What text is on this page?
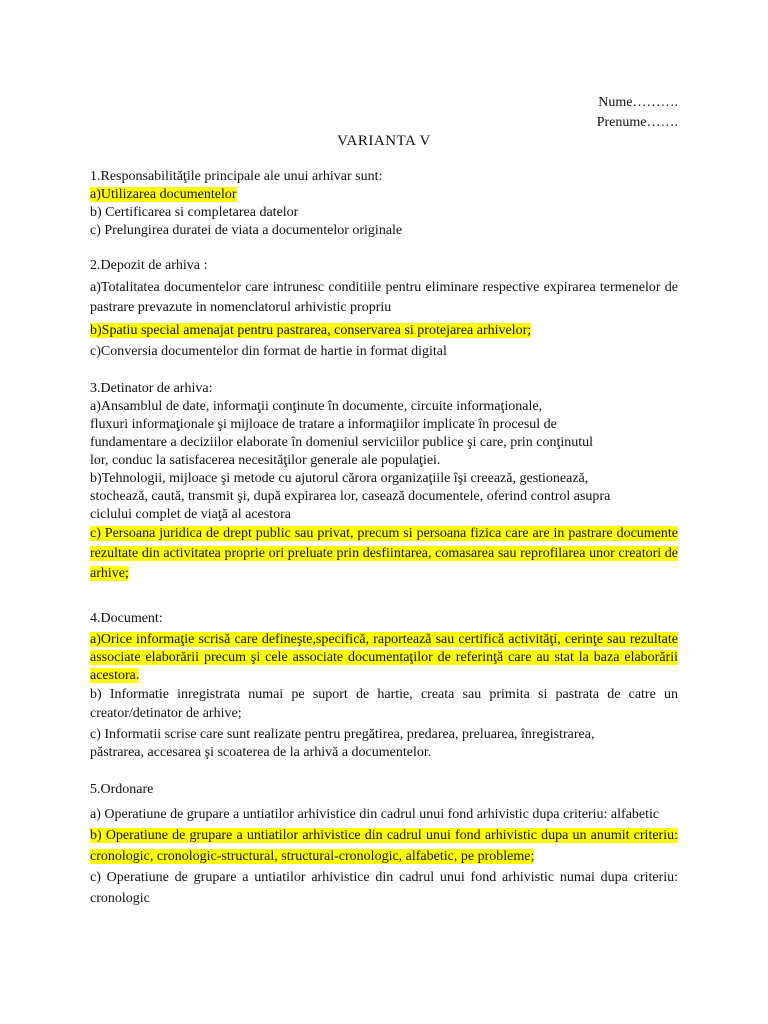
Nume……….
Prenume…….
VARIANTA V
1.Responsabilităţile principale ale unui arhivar sunt:
a)Utilizarea documentelor
b) Certificarea si completarea datelor
c) Prelungirea duratei de viata a documentelor originale
2.Depozit de arhiva :
a)Totalitatea documentelor care intrunesc conditiile pentru eliminare respective expirarea termenelor de pastrare prevazute in nomenclatorul arhivistic propriu
b)Spatiu special amenajat pentru pastrarea, conservarea si protejarea arhivelor;
c)Conversia documentelor din format de hartie in format digital
3.Detinator de arhiva:
a)Ansamblul de date, informaţii conţinute în documente, circuite informaţionale,
fluxuri informaţionale şi mijloace de tratare a informaţiilor implicate în procesul de
fundamentare a deciziilor elaborate în domeniul serviciilor publice şi care, prin conţinutul
lor, conduc la satisfacerea necesităţilor generale ale populaţiei.
b)Tehnologii, mijloace şi metode cu ajutorul cărora organizaţiile îşi creează, gestionează,
stochează, caută, transmit şi, după expirarea lor, casează documentele, oferind control asupra
ciclului complet de viaţă al acestora
c) Persoana juridica de drept public sau privat, precum si persoana fizica care are in pastrare documente rezultate din activitatea proprie ori preluate prin desfiintarea, comasarea sau reprofilarea unor creatori de arhive;
4.Document:
a)Orice informaţie scrisă care defineşte,specifică, raportează sau certifică activităţi, cerinţe sau rezultate associate elaborării precum şi cele associate documentaţilor de referinţă care au stat la baza elaborării acestora.
b) Informatie inregistrata numai pe suport de hartie, creata sau primita si pastrata de catre un creator/detinator de arhive;
c) Informatii scrise care sunt realizate pentru pregătirea, predarea, preluarea, înregistrarea,
păstrarea, accesarea şi scoaterea de la arhivă a documentelor.
5.Ordonare
a) Operatiune de grupare a untiatilor arhivistice din cadrul unui fond arhivistic dupa criteriu: alfabetic
b) Operatiune de grupare a untiatilor arhivistice din cadrul unui fond arhivistic dupa un anumit criteriu: cronologic, cronologic-structural, structural-cronologic, alfabetic, pe probleme;
c) Operatiune de grupare a untiatilor arhivistice din cadrul unui fond arhivistic numai dupa criteriu: cronologic
